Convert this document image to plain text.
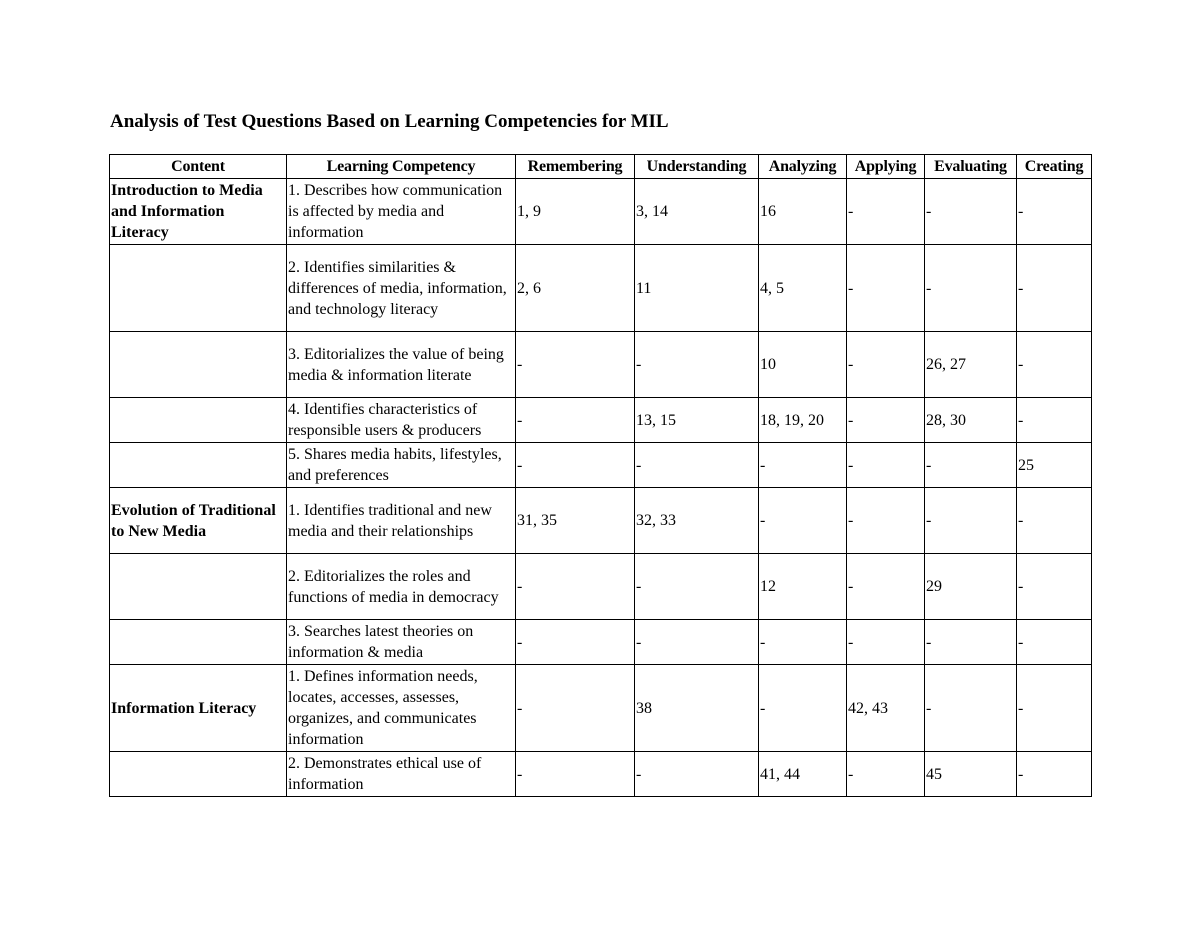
Analysis of Test Questions Based on Learning Competencies for MIL
Content	Learning Competency	Remembering	Understanding	Analyzing	Applying	Evaluating	Creating
Introduction to Media and Information Literacy	1. Describes how communication is affected by media and information	1, 9	3, 14	16	-	-	-
	2. Identifies similarities & differences of media, information, and technology literacy	2, 6	11	4, 5	-	-	-
	3. Editorializes the value of being media & information literate	-	-	10	-	26, 27	-
	4. Identifies characteristics of responsible users & producers	-	13, 15	18, 19, 20	-	28, 30	-
	5. Shares media habits, lifestyles, and preferences	-	-	-	-	-	25
Evolution of Traditional to New Media	1. Identifies traditional and new media and their relationships	31, 35	32, 33	-	-	-	-
	2. Editorializes the roles and functions of media in democracy	-	-	12	-	29	-
	3. Searches latest theories on information & media	-	-	-	-	-	-
Information Literacy	1. Defines information needs, locates, accesses, assesses, organizes, and communicates information	-	38	-	42, 43	-	-
	2. Demonstrates ethical use of information	-	-	41, 44	-	45	-
